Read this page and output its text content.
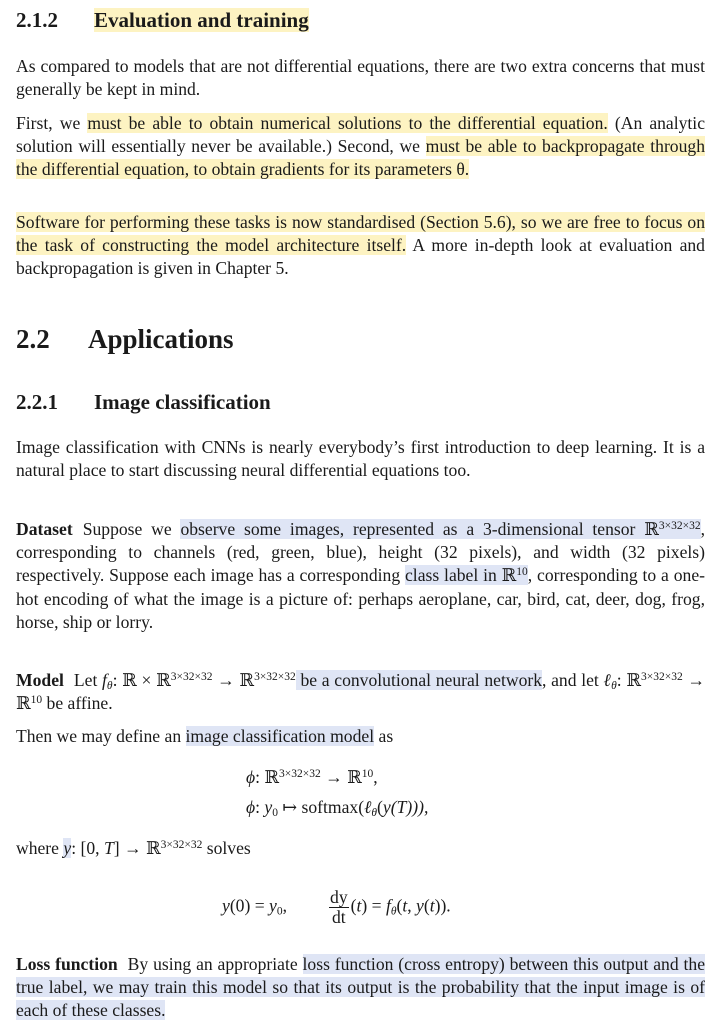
2.1.2 Evaluation and training

As compared to models that are not differential equations, there are two extra concerns that must generally be kept in mind.

First, we must be able to obtain numerical solutions to the differential equation. (An analytic solution will essentially never be available.) Second, we must be able to backpropagate through the differential equation, to obtain gradients for its parameters θ.

Software for performing these tasks is now standardised (Section 5.6), so we are free to focus on the task of constructing the model architecture itself. A more in-depth look at evaluation and backpropagation is given in Chapter 5.

2.2 Applications
2.2.1 Image classification

Image classification with CNNs is nearly everybody’s first introduction to deep learning. It is a natural place to start discussing neural differential equations too.

Dataset Suppose we observe some images, represented as a 3-dimensional tensor ℝ$^{3\times 32\times 32}$, corresponding to channels (red, green, blue), height (32 pixels), and width (32 pixels) respectively. Suppose each image has a corresponding class label in ℝ$^{10}$, corresponding to a one-hot encoding of what the image is a picture of: perhaps aeroplane, car, bird, cat, deer, dog, frog, horse, ship or lorry.

Model Let $f_\theta$: ℝ × ℝ$^{3\times 32\times 32}$ → ℝ$^{3\times 32\times 32}$ be a convolutional neural network, and let ℓ$_\theta$: ℝ$^{3\times 32\times 32}$ → ℝ$^{10}$ be affine.

Then we may define an image classification model as

ϕ: ℝ$^{3\times 32\times 32}$ → ℝ$^{10}$,
ϕ: $y_0$ ↦ softmax(ℓ$_\theta$(y(T))),

where y: [0, T] → ℝ$^{3\times 32\times 32}$ solves

$y(0) = y_0$, $\frac{dy}{dt} (t) = f_\theta(t$, y(t)).

Loss function By using an appropriate loss function (cross entropy) between this output and the true label, we may train this model so that its output is the probability that the input image is of each of these classes.
